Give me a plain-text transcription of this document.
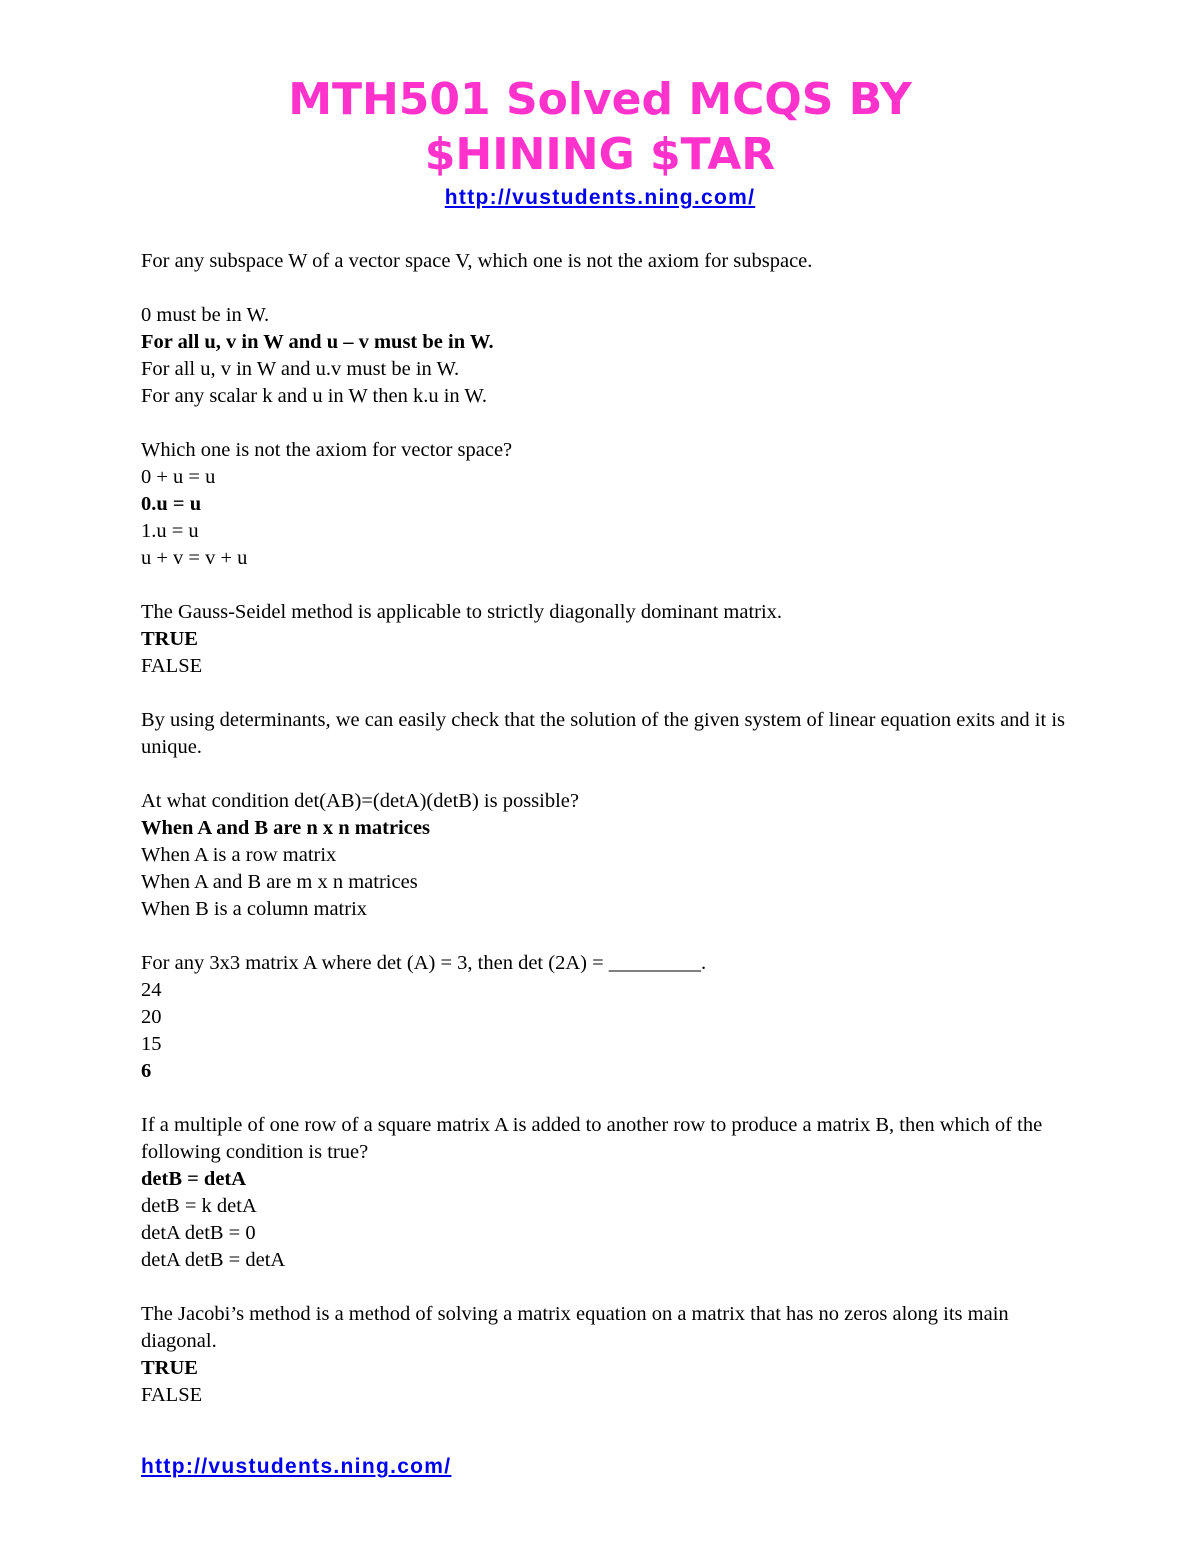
MTH501 Solved MCQS BY
$HINING $TAR
http://vustudents.ning.com/

For any subspace W of a vector space V, which one is not the axiom for subspace.

0 must be in W.
For all u, v in W and u – v must be in W.
For all u, v in W and u.v must be in W.
For any scalar k and u in W then k.u in W.

Which one is not the axiom for vector space?

0 + u = u
0.u = u
1.u = u
u + v = v + u

The Gauss-Seidel method is applicable to strictly diagonally dominant matrix.

TRUE
FALSE

By using determinants, we can easily check that the solution of the given system of linear equation exits and it is unique.

At what condition det(AB)=(detA)(detB) is possible?

When A and B are n x n matrices
When A is a row matrix
When A and B are m x n matrices
When B is a column matrix

For any 3x3 matrix A where det (A) = 3, then det (2A) = _________.

24
20
15
6

If a multiple of one row of a square matrix A is added to another row to produce a matrix B, then which of the following condition is true?

detB = detA
detB = k detA
detA detB = 0
detA detB = detA

The Jacobi’s method is a method of solving a matrix equation on a matrix that has no zeros along its main diagonal.

TRUE
FALSE
http://vustudents.ning.com/
